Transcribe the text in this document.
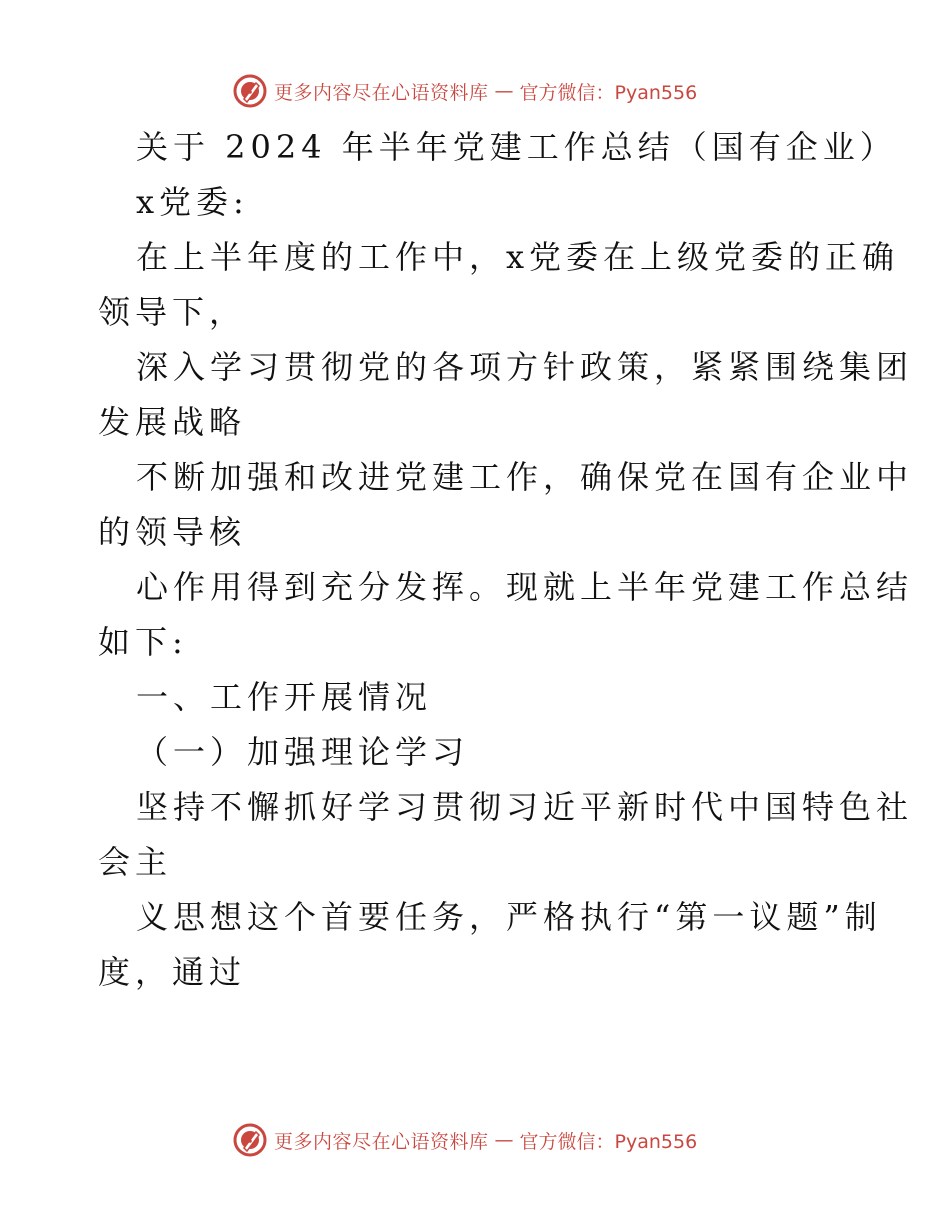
更多内容尽在心语资料库 — 官方微信：Pyan556
关于 2024 年半年党建工作总结（国有企业）
x党委:
在上半年度的工作中，x党委在上级党委的正确
领导下，
深入学习贯彻党的各项方针政策，紧紧围绕集团
发展战略
不断加强和改进党建工作，确保党在国有企业中
的领导核
心作用得到充分发挥。现就上半年党建工作总结
如下:
一、工作开展情况
（一）加强理论学习
坚持不懈抓好学习贯彻习近平新时代中国特色社
会主
义思想这个首要任务，严格执行“第一议题”制
度，通过
更多内容尽在心语资料库 — 官方微信：Pyan556
